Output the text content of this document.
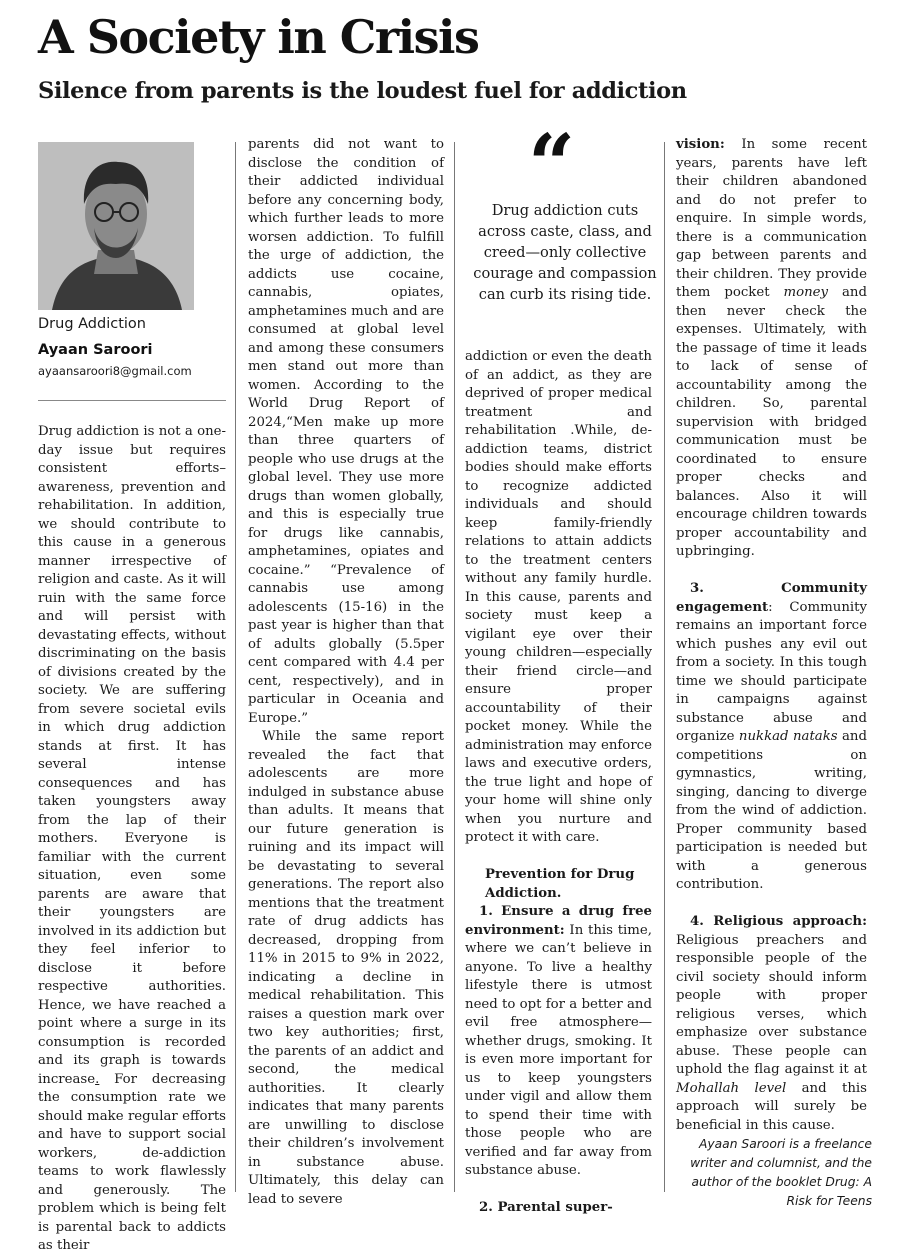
A Society in Crisis
Silence from parents is the loudest fuel for addiction
Drug Addiction
Ayaan Saroori
ayaansaroori8@gmail.com

Drug addiction is not a one-day issue but requires consistent efforts–awareness, prevention and rehabilitation. In addition, we should contribute to this cause in a generous manner irrespective of religion and caste. As it will ruin with the same force and will persist with devastating effects, without discriminating on the basis of divisions created by the society. We are suffering from severe societal evils in which drug addiction stands at first. It has several intense consequences and has taken youngsters away from the lap of their mothers. Everyone is familiar with the current situation, even some parents are aware that their youngsters are involved in its addiction but they feel inferior to disclose it before respective authorities. Hence, we have reached a point where a surge in its consumption is recorded and its graph is towards increase. For decreasing the consumption rate we should make regular efforts and have to support social workers, de-addiction teams to work flawlessly and generously. The problem which is being felt is parental back to addicts as their

parents did not want to disclose the condition of their addicted individual before any concerning body, which further leads to more worsen addiction. To fulfill the urge of addiction, the addicts use cocaine, cannabis, opiates, amphetamines much and are consumed at global level and among these consumers men stand out more than women. According to the World Drug Report of 2024,“Men make up more than three quarters of people who use drugs at the global level. They use more drugs than women globally, and this is especially true for drugs like cannabis, amphetamines, opiates and cocaine.” “Prevalence of cannabis use among adolescents (15-16) in the past year is higher than that of adults globally (5.5per cent compared with 4.4 per cent, respectively), and in particular in Oceania and Europe.”

While the same report revealed the fact that adolescents are more indulged in substance abuse than adults. It means that our future generation is ruining and its impact will be devastating to several generations. The report also mentions that the treatment rate of drug addicts has decreased, dropping from 11% in 2015 to 9% in 2022, indicating a decline in medical rehabilitation. This raises a question mark over two key authorities; first, the parents of an addict and second, the medical authorities. It clearly indicates that many parents are unwilling to disclose their children’s involvement in substance abuse. Ultimately, this delay can lead to severe

“

Drug addiction cuts across caste, class, and creed—only collective courage and compassion can curb its rising tide.

addiction or even the death of an addict, as they are deprived of proper medical treatment and rehabilitation .While, de-addiction teams, district bodies should make efforts to recognize addicted individuals and should keep family-friendly relations to attain addicts to the treatment centers without any family hurdle. In this cause, parents and society must keep a vigilant eye over their young children—especially their friend circle—and ensure proper accountability of their pocket money. While the administration may enforce laws and executive orders, the true light and hope of your home will shine only when you nurture and protect it with care.

Prevention for Drug Addiction.

1. Ensure a drug free environment: In this time, where we can’t believe in anyone. To live a healthy lifestyle there is utmost need to opt for a better and evil free atmosphere—whether drugs, smoking. It is even more important for us to keep youngsters under vigil and allow them to spend their time with those people who are verified and far away from substance abuse.

2. Parental super-

vision: In some recent years, parents have left their children abandoned and do not prefer to enquire. In simple words, there is a communication gap between parents and their children. They provide them pocket money and then never check the expenses. Ultimately, with the passage of time it leads to lack of sense of accountability among the children. So, parental supervision with bridged communication must be coordinated to ensure proper checks and balances. Also it will encourage children towards proper accountability and upbringing.

3. Community engagement: Community remains an important force which pushes any evil out from a society. In this tough time we should participate in campaigns against substance abuse and organize nukkad nataks and competitions on gymnastics, writing, singing, dancing to diverge from the wind of addiction. Proper community based participation is needed but with a generous contribution.

4. Religious approach: Religious preachers and responsible people of the civil society should inform people with proper religious verses, which emphasize over substance abuse. These people can uphold the flag against it at Mohallah level and this approach will surely be beneficial in this cause.

Ayaan Saroori is a freelance writer and columnist, and the author of the booklet Drug: A Risk for Teens
